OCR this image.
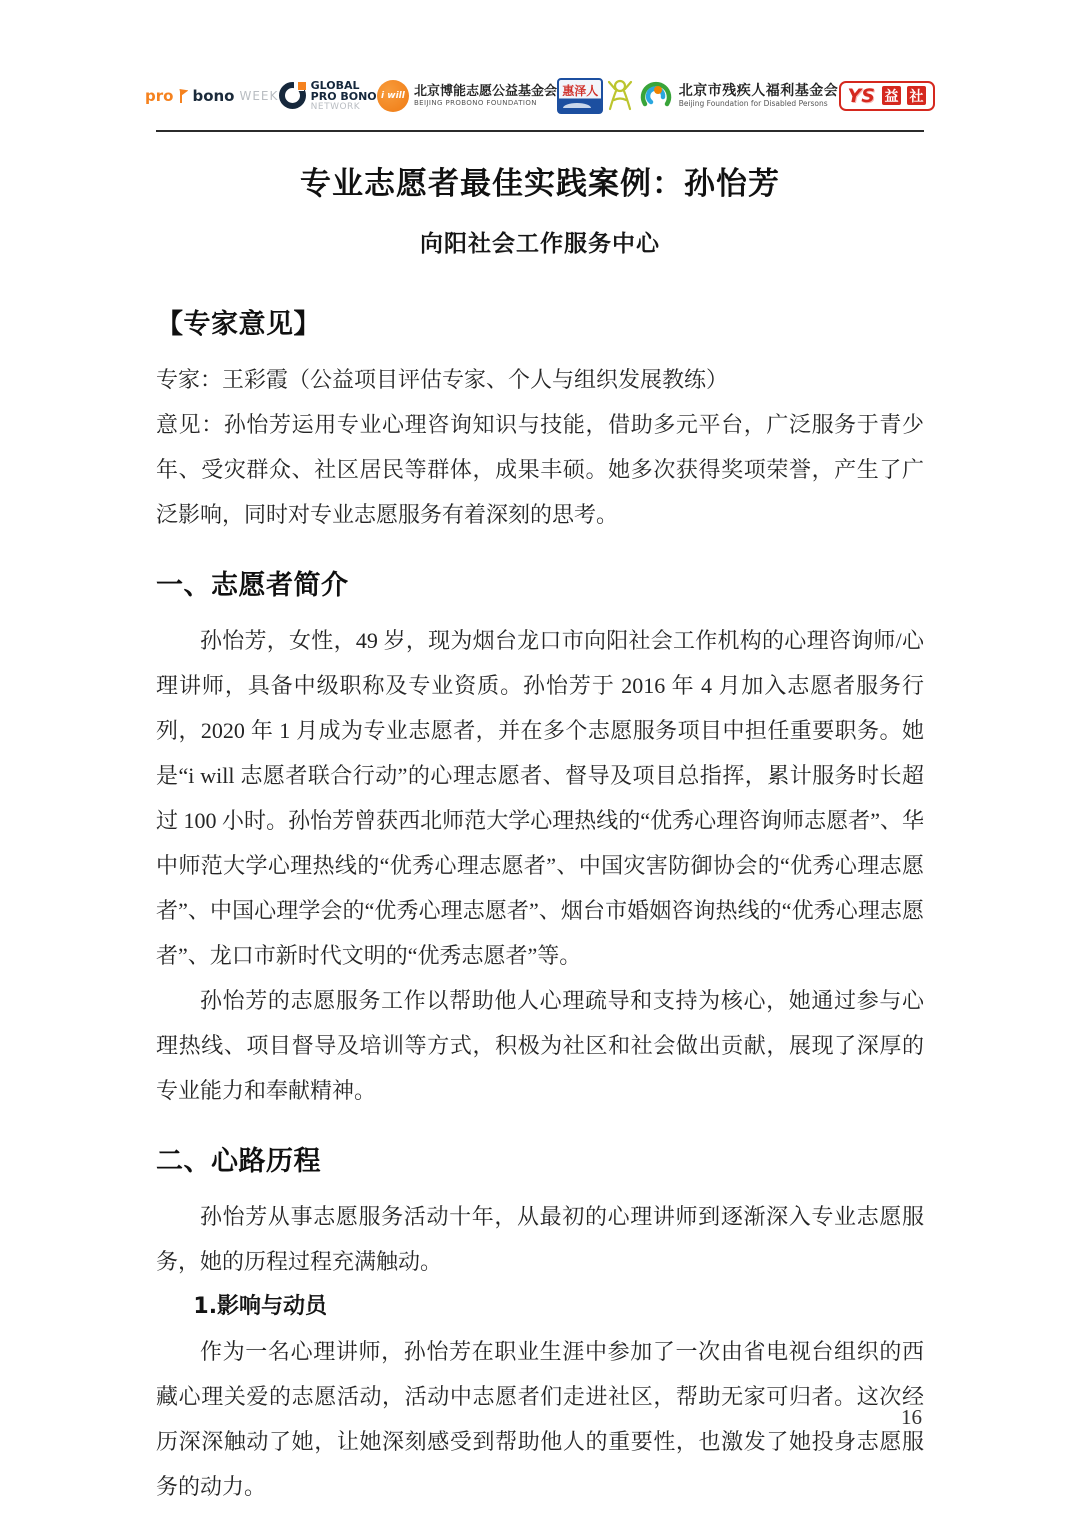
pro bono WEEK
GLOBAL
PRO BONO
NETWORK
i will 北京博能志愿公益基金会
BEIJING PROBONO FOUNDATION
惠泽人	北京市残疾人福利基金会
Beijing Foundation for Disabled Persons	YS 益 社
专业志愿者最佳实践案例：孙怡芳
向阳社会工作服务中心
【专家意见】

专家：王彩霞（公益项目评估专家、个人与组织发展教练）

意见：孙怡芳运用专业心理咨询知识与技能，借助多元平台，广泛服务于青少年、受灾群众、社区居民等群体，成果丰硕。她多次获得奖项荣誉，产生了广泛影响，同时对专业志愿服务有着深刻的思考。

一、志愿者简介

孙怡芳，女性，49 岁，现为烟台龙口市向阳社会工作机构的心理咨询师/心理讲师，具备中级职称及专业资质。孙怡芳于 2016 年 4 月加入志愿者服务行列，2020 年 1 月成为专业志愿者，并在多个志愿服务项目中担任重要职务。她是“i will 志愿者联合行动”的心理志愿者、督导及项目总指挥，累计服务时长超过 100 小时。孙怡芳曾获西北师范大学心理热线的“优秀心理咨询师志愿者”、华中师范大学心理热线的“优秀心理志愿者”、中国灾害防御协会的“优秀心理志愿者”、中国心理学会的“优秀心理志愿者”、烟台市婚姻咨询热线的“优秀心理志愿者”、龙口市新时代文明的“优秀志愿者”等。

孙怡芳的志愿服务工作以帮助他人心理疏导和支持为核心，她通过参与心理热线、项目督导及培训等方式，积极为社区和社会做出贡献，展现了深厚的专业能力和奉献精神。

二、心路历程

孙怡芳从事志愿服务活动十年，从最初的心理讲师到逐渐深入专业志愿服务，她的历程过程充满触动。

1.影响与动员

作为一名心理讲师，孙怡芳在职业生涯中参加了一次由省电视台组织的西藏心理关爱的志愿活动，活动中志愿者们走进社区，帮助无家可归者。这次经历深深触动了她，让她深刻感受到帮助他人的重要性，也激发了她投身志愿服务的动力。

16
